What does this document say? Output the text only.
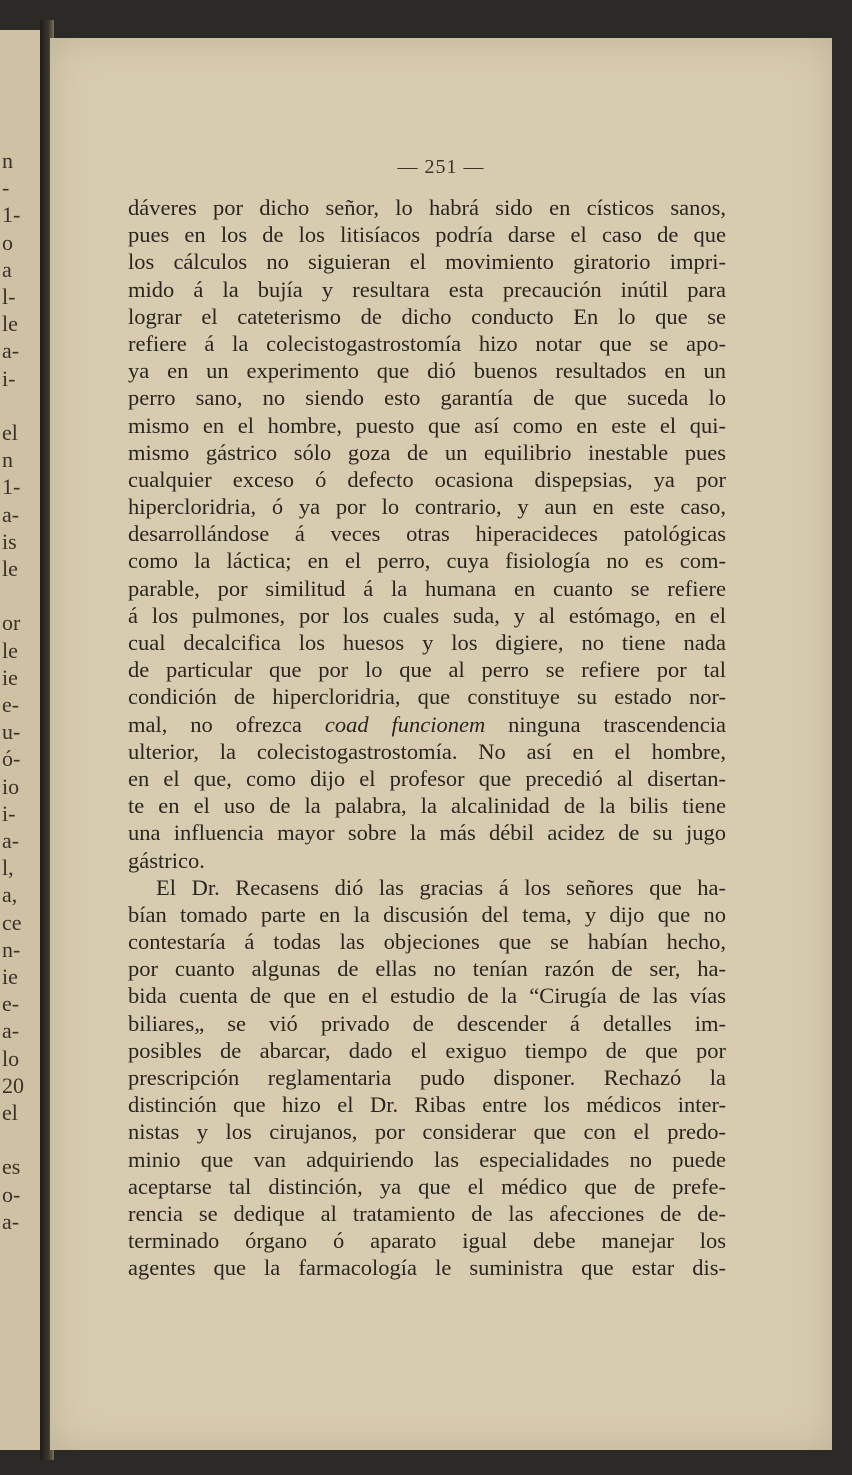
n
-
1-
o
a
l-
le
a-
i-
el
n
1-
a-
is
le
or
le
ie
e-
u-
ó-
io
i-
a-
l,
a,
ce
n-
ie
e-
a-
lo
20
el
es
o-
a-
— 251 —
dáveres por dicho señor, lo habrá sido en císticos sanos,
pues en los de los litisíacos podría darse el caso de que
los cálculos no siguieran el movimiento giratorio impri-
mido á la bujía y resultara esta precaución inútil para
lograr el cateterismo de dicho conducto En lo que se
refiere á la colecistogastrostomía hizo notar que se apo-
ya en un experimento que dió buenos resultados en un
perro sano, no siendo esto garantía de que suceda lo
mismo en el hombre, puesto que así como en este el qui-
mismo gástrico sólo goza de un equilibrio inestable pues
cualquier exceso ó defecto ocasiona dispepsias, ya por
hipercloridria, ó ya por lo contrario, y aun en este caso,
desarrollándose á veces otras hiperacideces patológicas
como la láctica; en el perro, cuya fisiología no es com-
parable, por similitud á la humana en cuanto se refiere
á los pulmones, por los cuales suda, y al estómago, en el
cual decalcifica los huesos y los digiere, no tiene nada
de particular que por lo que al perro se refiere por tal
condición de hipercloridria, que constituye su estado nor-
mal, no ofrezca coad funcionem ninguna trascendencia
ulterior, la colecistogastrostomía. No así en el hombre,
en el que, como dijo el profesor que precedió al disertan-
te en el uso de la palabra, la alcalinidad de la bilis tiene
una influencia mayor sobre la más débil acidez de su jugo
gástrico.
El Dr. Recasens dió las gracias á los señores que ha-
bían tomado parte en la discusión del tema, y dijo que no
contestaría á todas las objeciones que se habían hecho,
por cuanto algunas de ellas no tenían razón de ser, ha-
bida cuenta de que en el estudio de la “Cirugía de las vías
biliares„ se vió privado de descender á detalles im-
posibles de abarcar, dado el exiguo tiempo de que por
prescripción reglamentaria pudo disponer. Rechazó la
distinción que hizo el Dr. Ribas entre los médicos inter-
nistas y los cirujanos, por considerar que con el predo-
minio que van adquiriendo las especialidades no puede
aceptarse tal distinción, ya que el médico que de prefe-
rencia se dedique al tratamiento de las afecciones de de-
terminado órgano ó aparato igual debe manejar los
agentes que la farmacología le suministra que estar dis-
